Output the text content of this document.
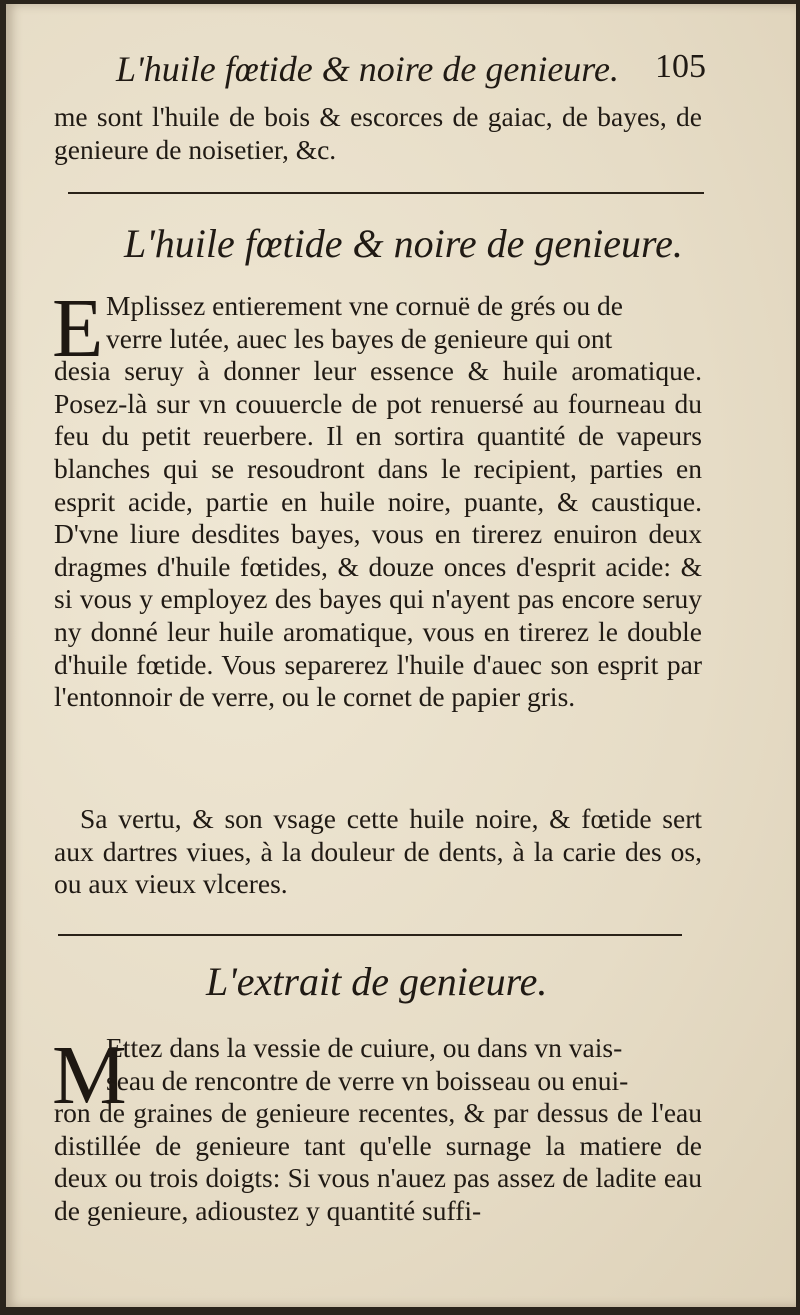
L'huile fœtide & noire de genieure. 105
me sont l'huile de bois & escorces de gaiac, de bayes, de genieure de noisetier, &c.
L'huile fœtide & noire de genieure.
E Mplissez entierement vne cornuë de grés ou de
verre lutée, auec les bayes de genieure qui ont
desia seruy à donner leur essence & huile aromatique. Posez-là sur vn couuercle de pot renuersé au fourneau du feu du petit reuerbere. Il en sortira quantité de vapeurs blanches qui se resoudront dans le recipient, parties en esprit acide, partie en huile noire, puante, & caustique. D'vne liure desdites bayes, vous en tirerez enuiron deux dragmes d'huile fœtides, & douze onces d'esprit acide: & si vous y employez des bayes qui n'ayent pas encore seruy ny donné leur huile aromatique, vous en tirerez le double d'huile fœtide. Vous separerez l'huile d'auec son esprit par l'entonnoir de verre, ou le cornet de papier gris.
Sa vertu, & son vsage cette huile noire, & fœtide sert aux dartres viues, à la douleur de dents, à la carie des os, ou aux vieux vlceres.
L'extrait de genieure.
M
Ettez dans la vessie de cuiure, ou dans vn vais-
seau de rencontre de verre vn boisseau ou enui-
ron de graines de genieure recentes, & par dessus de l'eau distillée de genieure tant qu'elle surnage la matiere de deux ou trois doigts: Si vous n'auez pas assez de ladite eau de genieure, adioustez y quantité suffi-
